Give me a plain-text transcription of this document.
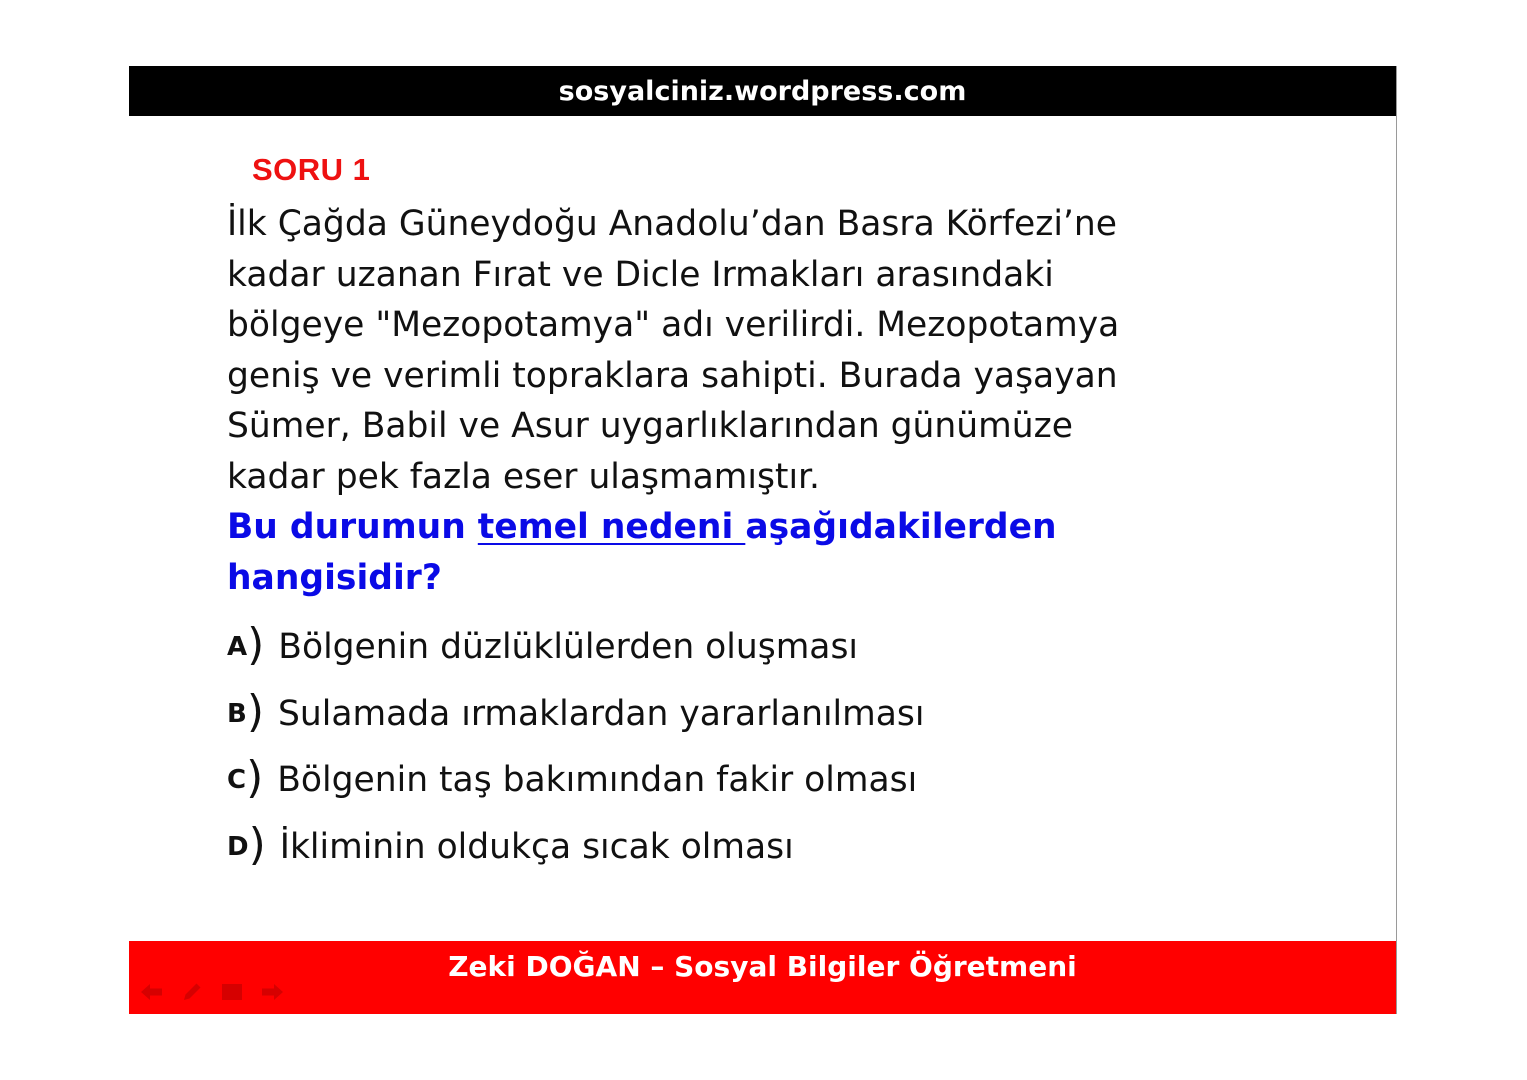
sosyalciniz.wordpress.com
SORU 1

İlk Çağda Güneydoğu Anadolu’dan Basra Körfezi’ne
kadar uzanan Fırat ve Dicle Irmakları arasındaki
bölgeye "Mezopotamya" adı verilirdi. Mezopotamya
geniş ve verimli topraklara sahipti. Burada yaşayan
Sümer, Babil ve Asur uygarlıklarından günümüze
kadar pek fazla eser ulaşmamıştır.

Bu durumun temel nedeni aşağıdakilerden
hangisidir?

A ) Bölgenin düzlüklülerden oluşması
B ) Sulamada ırmaklardan yararlanılması
C ) Bölgenin taş bakımından fakir olması
D ) İkliminin oldukça sıcak olması
Zeki DOĞAN – Sosyal Bilgiler Öğretmeni
